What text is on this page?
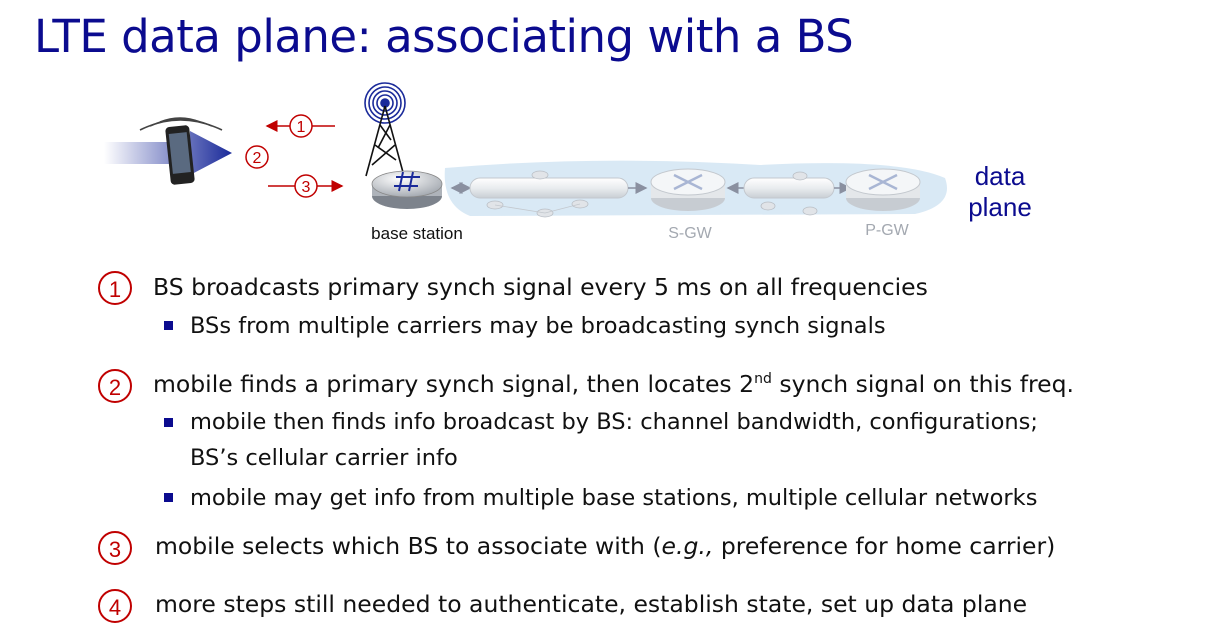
LTE data plane: associating with a BS
1
2
3
base station	S-GW	P-GW
data
plane
1	BS broadcasts primary synch signal every 5 ms on all frequencies
BSs from multiple carriers may be broadcasting synch signals
2	mobile finds a primary synch signal, then locates 2nd synch signal on this freq.
mobile then finds info broadcast by BS: channel bandwidth, configurations;
BS’s cellular carrier info
mobile may get info from multiple base stations, multiple cellular networks
3	mobile selects which BS to associate with (e.g., preference for home carrier)
4	more steps still needed to authenticate, establish state, set up data plane
